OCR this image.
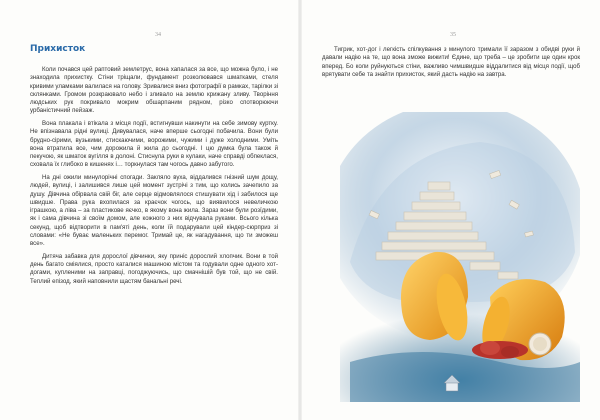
34
Прихисток

Коли почався цей раптовий землетрус, вона хапалася за все, що можна було, і не знаходила прихистку. Стіни тріщали, фундамент розколювався шматками, стеля кривими уламками валилася на голову. Зривалися вниз фотографії в рамках, тарілки зі склянками. Громом розкраювало небо і зливало на землю крижану зливу. Творіння людських рук покривало мокрим обшарпаним рядном, різко спотворюючи урбаністичний пейзаж.

Вона плакала і втікала з місця події, встигнувши накинути на себе зимову куртку. Не впізнавала рідні вулиці. Дивувалася, наче вперше сьогодні побачила. Вони були брудно-сірими, вузькими, стискаючими, ворожими, чужими і дуже холодними. Уміть вона втратила все, чим дорожила й жила до сьогодні. І цю думка була також й пекучою, як шматок вугілля в долоні. Стиснула руки в кулаки, наче справді обпеклася, сховала їх глибоко в кишенях і… торкнулася там чогось давно забутого.

На дні ожили минулорічні спогади. Закляло вуха, віддалився гнізний шум дощу, людей, вулиці, і залишився лише цей момент зустрічі з тим, що колись зачепило за душу. Дівчина обірвала свій біг, але серце відмовлялося стишувати хід і забилося ще швидше. Права рука вхопилася за краєчок чогось, що виявилося невеличкою іграшкою, а ліва – за пластикове яєчко, в якому вона жила. Зараз вони були розїдими, як і сама дівчина зі своїм домом, але кожного з них відчувала руками. Всього кілька секунд, щоб відтворити в пам'яті день, коли їй подарували цей кіндер-сюрприз зі словами: «Не буває маленьких перемог. Тримай це, як нагадування, що ти зможеш все».

Дитяча забавка для дорослої дівчинки, яку приніс дорослий хлопчик. Вони в той день багато сміялися, просто каталися машиною містом та годували одне одного хот-догами, купленими на заправці, погоджуючись, що смачнішій був той, що не свій. Теплий епізод, який наповнили щастям банальні речі.

35

Тигрик, хот-дог і легкість спілкування з минулого тримали її заразом з обидві руки й давали надію на те, що вона зможе вижити! Єдине, що треба – це зробити ще один крок вперед. Бо коли руйнуються стіни, важливо чимшвидше віддалитися від місця події, щоб врятувати себе та знайти прихисток, який дасть надію на завтра.
